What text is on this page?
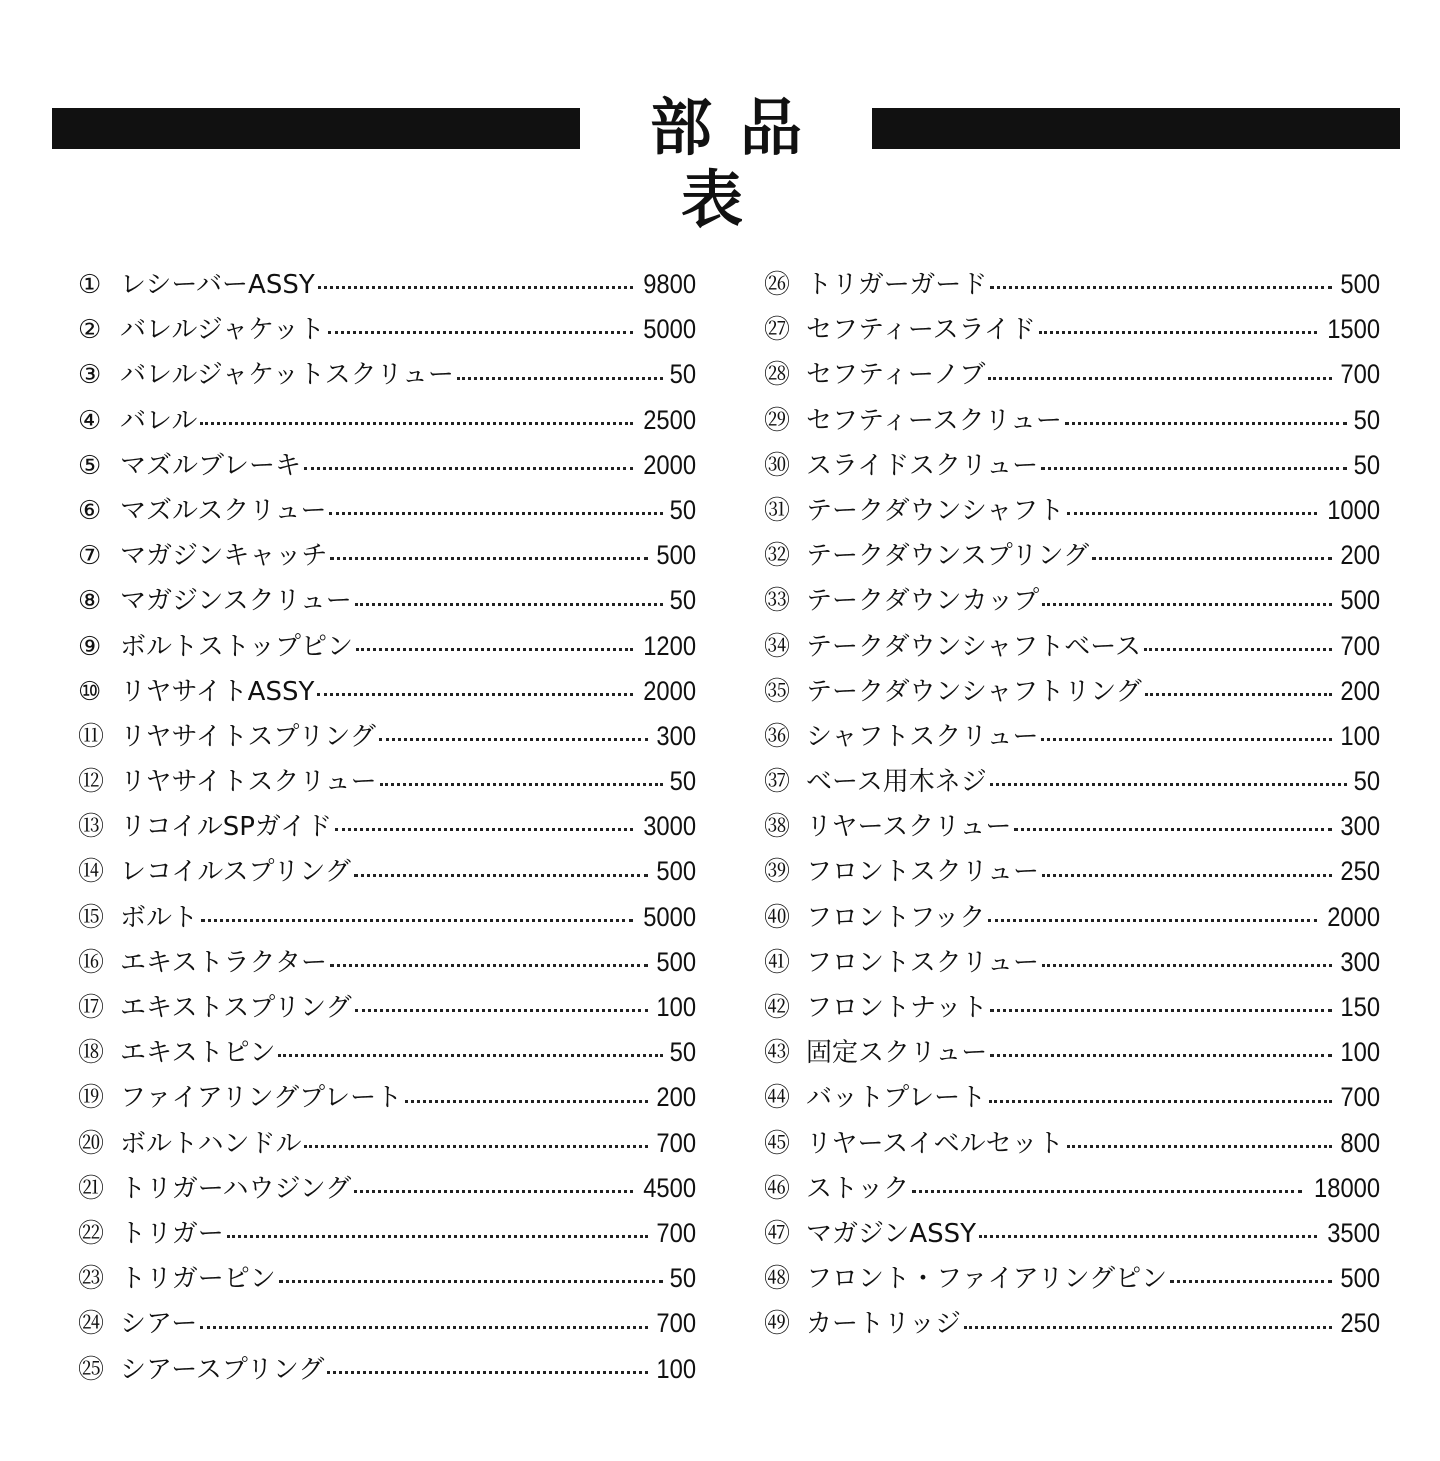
部品表
① レシーバーASSY	9800
② バレルジャケット	5000
③ バレルジャケットスクリュー	50
④ バレル	2500
⑤ マズルブレーキ	2000
⑥ マズルスクリュー	50
⑦ マガジンキャッチ	500
⑧ マガジンスクリュー	50
⑨ ボルトストップピン	1200
⑩ リヤサイトASSY	2000
⑪ リヤサイトスプリング	300
⑫ リヤサイトスクリュー	50
⑬ リコイルSPガイド	3000
⑭ レコイルスプリング	500
⑮ ボルト	5000
⑯ エキストラクター	500
⑰ エキストスプリング	100
⑱ エキストピン	50
⑲ ファイアリングプレート	200
⑳ ボルトハンドル	700
㉑ トリガーハウジング	4500
㉒ トリガー	700
㉓ トリガーピン	50
㉔ シアー	700
㉕ シアースプリング	100
㉖ トリガーガード	500
㉗ セフティースライド	1500
㉘ セフティーノブ	700
㉙ セフティースクリュー	50
㉚ スライドスクリュー	50
㉛ テークダウンシャフト	1000
㉜ テークダウンスプリング	200
㉝ テークダウンカップ	500
㉞ テークダウンシャフトベース	700
㉟ テークダウンシャフトリング	200
㊱ シャフトスクリュー	100
㊲ ベース用木ネジ	50
㊳ リヤースクリュー	300
㊴ フロントスクリュー	250
㊵ フロントフック	2000
㊶ フロントスクリュー	300
㊷ フロントナット	150
㊸ 固定スクリュー	100
㊹ バットプレート	700
㊺ リヤースイベルセット	800
㊻ ストック	18000
㊼ マガジンASSY	3500
㊽ フロント・ファイアリングピン	500
㊾ カートリッジ	250
